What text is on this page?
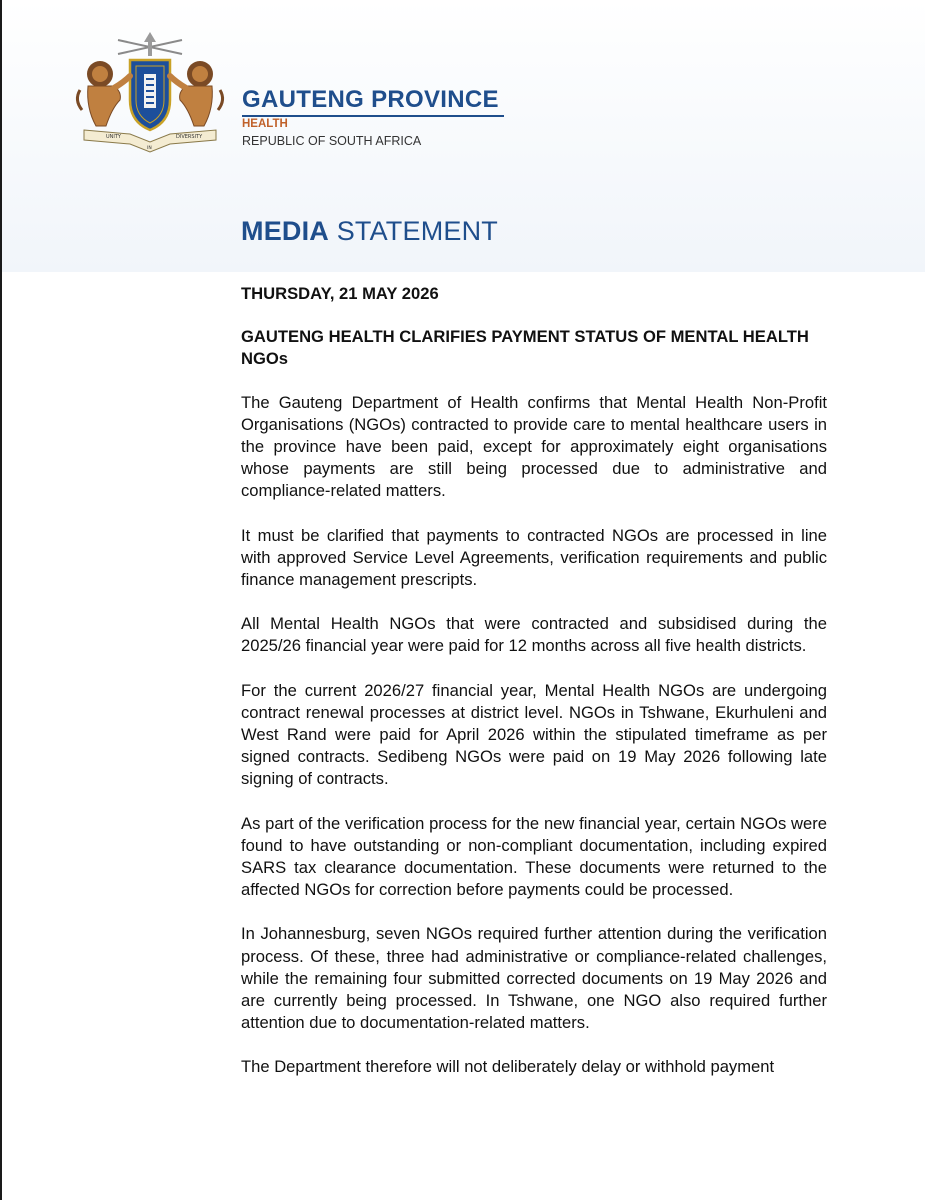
UNITY
IN
DIVERSITY
GAUTENG PROVINCE
HEALTH
REPUBLIC OF SOUTH AFRICA
MEDIA STATEMENT

THURSDAY, 21 MAY 2026

GAUTENG HEALTH CLARIFIES PAYMENT STATUS OF MENTAL HEALTH NGOs

The Gauteng Department of Health confirms that Mental Health Non-Profit Organisations (NGOs) contracted to provide care to mental healthcare users in the province have been paid, except for approximately eight organisations whose payments are still being processed due to administrative and compliance-related matters.

It must be clarified that payments to contracted NGOs are processed in line with approved Service Level Agreements, verification requirements and public finance management prescripts.

All Mental Health NGOs that were contracted and subsidised during the 2025/26 financial year were paid for 12 months across all five health districts.

For the current 2026/27 financial year, Mental Health NGOs are undergoing contract renewal processes at district level. NGOs in Tshwane, Ekurhuleni and West Rand were paid for April 2026 within the stipulated timeframe as per signed contracts. Sedibeng NGOs were paid on 19 May 2026 following late signing of contracts.

As part of the verification process for the new financial year, certain NGOs were found to have outstanding or non-compliant documentation, including expired SARS tax clearance documentation. These documents were returned to the affected NGOs for correction before payments could be processed.

In Johannesburg, seven NGOs required further attention during the verification process. Of these, three had administrative or compliance-related challenges, while the remaining four submitted corrected documents on 19 May 2026 and are currently being processed. In Tshwane, one NGO also required further attention due to documentation-related matters.

The Department therefore will not deliberately delay or withhold payment
